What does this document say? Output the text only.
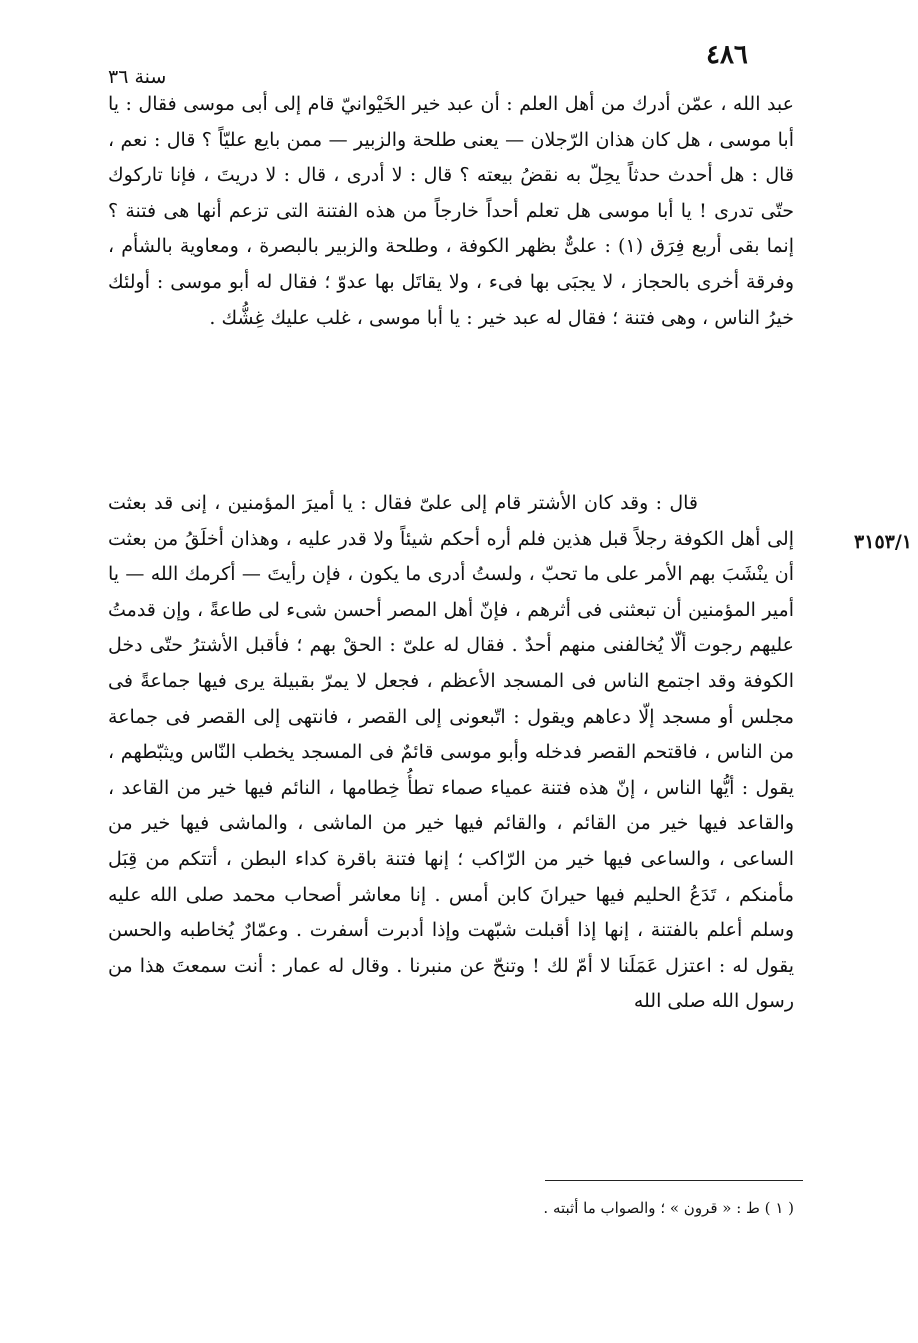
٤٨٦
سنة ٣٦

عبد الله ، عمّن أدرك من أهل العلم : أن عبد خير الخَيْوانيّ قام إلى أبى موسى فقال : يا أبا موسى ، هل كان هذان الرّجلان — يعنى طلحة والزبير — ممن بايع عليّاً ؟ قال : نعم ، قال : هل أحدث حدثاً يحِلّ به نقضُ بيعته ؟ قال : لا أدرى ، قال : لا دريتَ ، فإنا تاركوك حتّى تدرى ! يا أبا موسى هل تعلم أحداً خارجاً من هذه الفتنة التى تزعم أنها هى فتنة ؟ إنما بقى أربع فِرَق (١) : علىٌّ بظهر الكوفة ، وطلحة والزبير بالبصرة ، ومعاوية بالشأم ، وفرقة أخرى بالحجاز ، لا يجبَى بها فىء ، ولا يقاتَل بها عدوّ ؛ فقال له أبو موسى : أولئك خيرُ الناس ، وهى فتنة ؛ فقال له عبد خير : يا أبا موسى ، غلب عليك غِشُّك .

قال : وقد كان الأشتر قام إلى علىّ فقال : يا أميرَ المؤمنين ، إنى قد بعثت إلى أهل الكوفة رجلاً قبل هذين فلم أره أحكم شيئاً ولا قدر عليه ، وهذان أخلَقُ من بعثت أن ينْشَبَ بهم الأمر على ما تحبّ ، ولستُ أدرى ما يكون ، فإن رأيتَ — أكرمك الله — يا أمير المؤمنين أن تبعثنى فى أثرهم ، فإنّ أهل المصر أحسن شىء لى طاعةً ، وإن قدمتُ عليهم رجوت ألّا يُخالفنى منهم أحدٌ . فقال له علىّ : الحقْ بهم ؛ فأقبل الأشترُ حتّى دخل الكوفة وقد اجتمع الناس فى المسجد الأعظم ، فجعل لا يمرّ بقبيلة يرى فيها جماعةً فى مجلس أو مسجد إلّا دعاهم ويقول : اتّبعونى إلى القصر ، فانتهى إلى القصر فى جماعة من الناس ، فاقتحم القصر فدخله وأبو موسى قائمٌ فى المسجد يخطب النّاس ويثبّطهم ، يقول : أيُّها الناس ، إنّ هذه فتنة عمياء صماء تطأُ خِطامها ، النائم فيها خير من القاعد ، والقاعد فيها خير من القائم ، والقائم فيها خير من الماشى ، والماشى فيها خير من الساعى ، والساعى فيها خير من الرّاكب ؛ إنها فتنة باقرة كداء البطن ، أتتكم من قِبَل مأمنكم ، تَدَعُ الحليم فيها حيرانَ كابن أمس . إنا معاشر أصحاب محمد صلى الله عليه وسلم أعلم بالفتنة ، إنها إذا أقبلت شبّهت وإذا أدبرت أسفرت . وعمّارٌ يُخاطبه والحسن يقول له : اعتزل عَمَلَنا لا أمّ لك ! وتنحّ عن منبرنا . وقال له عمار : أنت سمعتَ هذا من رسول الله صلى الله

٣١٥٣/١
( ١ ) ط : « قرون » ؛ والصواب ما أثبته .
